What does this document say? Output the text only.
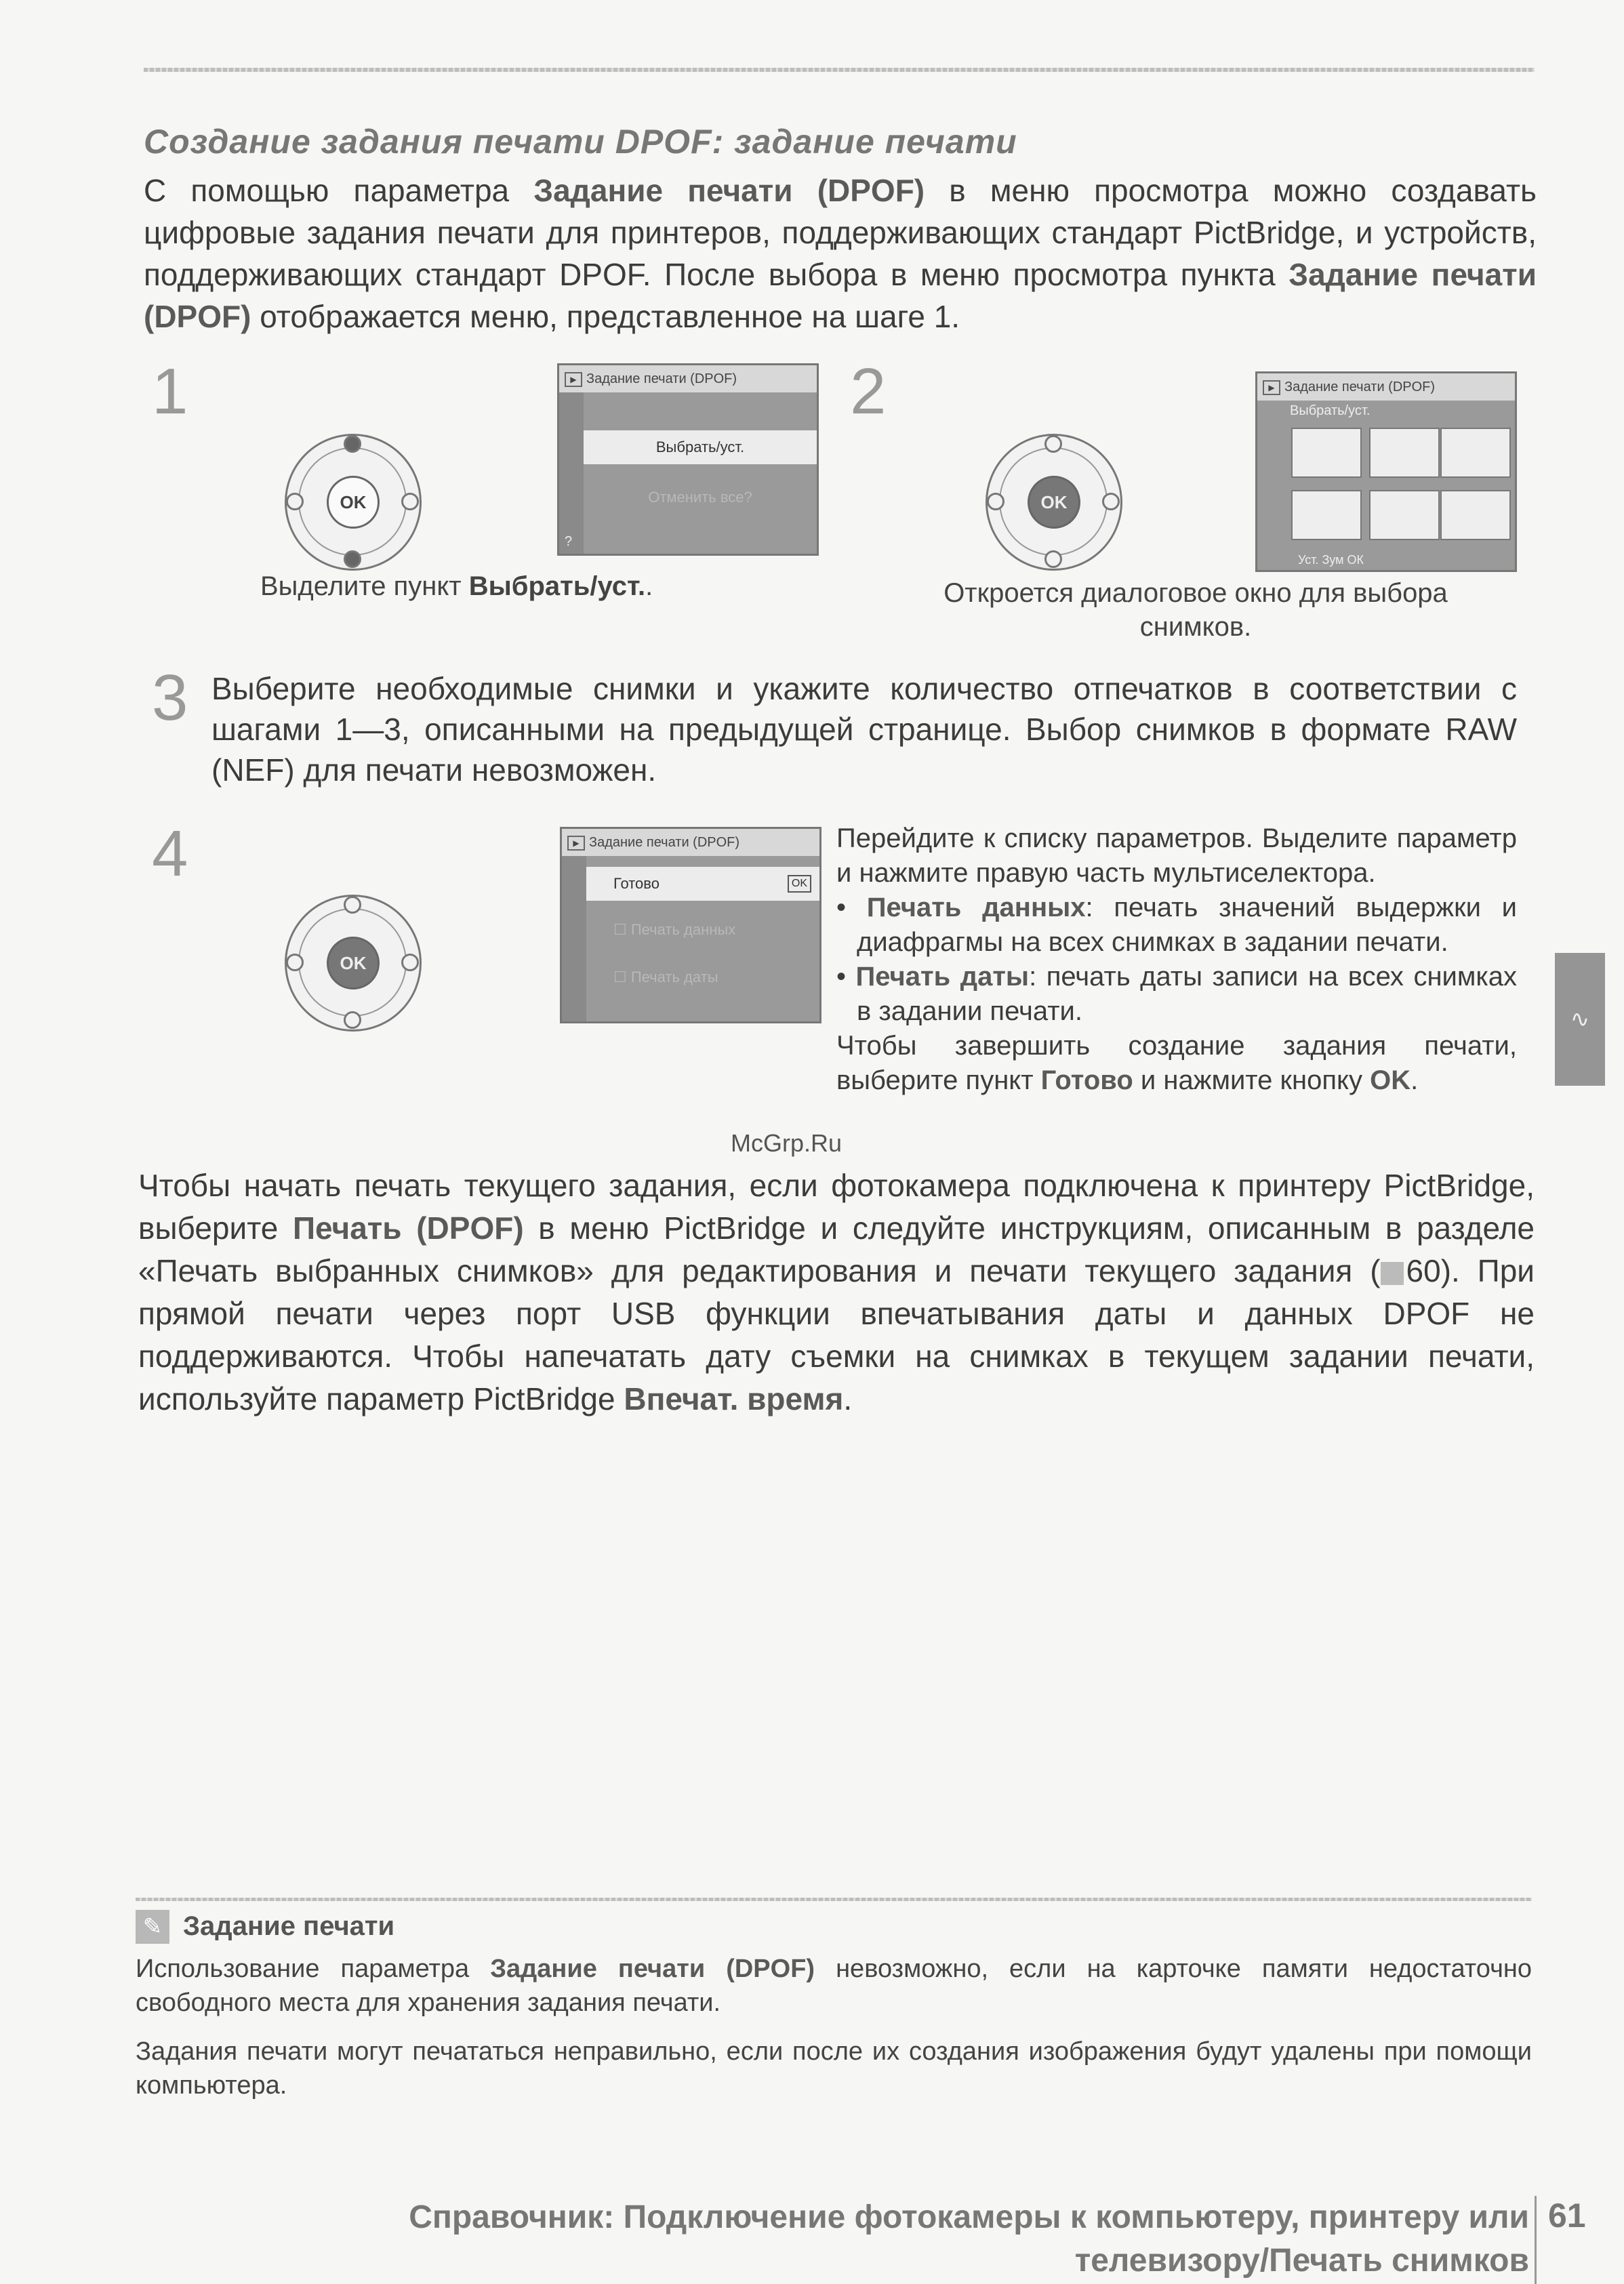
Создание задания печати DPOF: задание печати
С помощью параметра Задание печати (DPOF) в меню просмотра можно создавать цифровые задания печати для принтеров, поддерживающих стандарт PictBridge, и устройств, поддерживающих стандарт DPOF. После выбора в меню просмотра пункта Задание печати (DPOF) отображается меню, представленное на шаге 1.
1
OK
▶ Задание печати (DPOF)
?
Выбрать/уст.
Отменить все?
Выделите пункт Выбрать/уст..
2
OK
▶ Задание печати (DPOF)
Выбрать/уст.
Уст. Зум ОК
Откроется диалоговое окно для выбора снимков.
3 Выберите необходимые снимки и укажите количество отпечатков в соответствии с шагами 1—3, описанными на предыдущей странице. Выбор снимков в формате RAW (NEF) для печати невозможен.
4
OK
▶ Задание печати (DPOF)
Готово	OK
☐ Печать данных
☐ Печать даты
Перейдите к списку параметров. Выделите параметр и нажмите правую часть мультиселектора.
• Печать данных: печать значений выдержки и диафрагмы на всех снимках в задании печати.
• Печать даты: печать даты записи на всех снимках в задании печати.
Чтобы завершить создание задания печати, выберите пункт Готово и нажмите кнопку OK.
∿
McGrp.Ru
Чтобы начать печать текущего задания, если фотокамера подключена к принтеру PictBridge, выберите Печать (DPOF) в меню PictBridge и следуйте инструкциям, описанным в разделе «Печать выбранных снимков» для редактирования и печати текущего задания ( 60). При прямой печати через порт USB функции впечатывания даты и данных DPOF не поддерживаются. Чтобы напечатать дату съемки на снимках в текущем задании печати, используйте параметр PictBridge Впечат. время.
✎ Задание печати
Использование параметра Задание печати (DPOF) невозможно, если на карточке памяти недостаточно свободного места для хранения задания печати.
Задания печати могут печататься неправильно, если после их создания изображения будут удалены при помощи компьютера.
Справочник: Подключение фотокамеры к компьютеру, принтеру или
телевизору/Печать снимков
61
